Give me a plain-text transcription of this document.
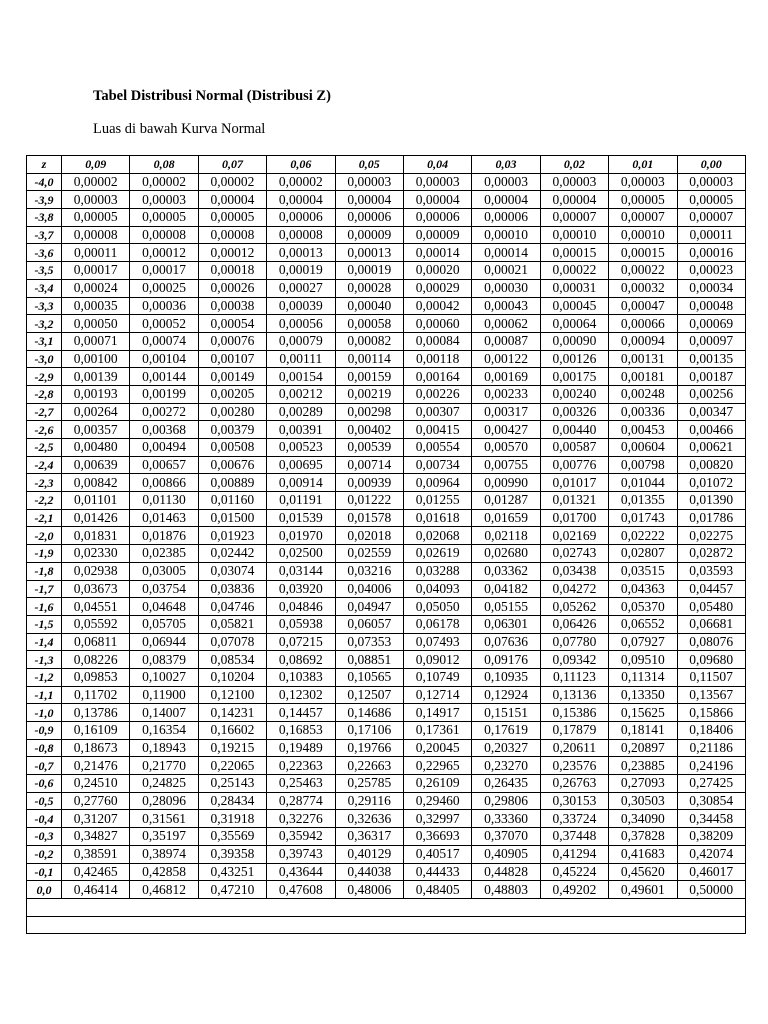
Tabel Distribusi Normal (Distribusi Z)
Luas di bawah Kurva Normal
z	0,09	0,08	0,07	0,06	0,05	0,04	0,03	0,02	0,01	0,00
-4,0	0,00002	0,00002	0,00002	0,00002	0,00003	0,00003	0,00003	0,00003	0,00003	0,00003
-3,9	0,00003	0,00003	0,00004	0,00004	0,00004	0,00004	0,00004	0,00004	0,00005	0,00005
-3,8	0,00005	0,00005	0,00005	0,00006	0,00006	0,00006	0,00006	0,00007	0,00007	0,00007
-3,7	0,00008	0,00008	0,00008	0,00008	0,00009	0,00009	0,00010	0,00010	0,00010	0,00011
-3,6	0,00011	0,00012	0,00012	0,00013	0,00013	0,00014	0,00014	0,00015	0,00015	0,00016
-3,5	0,00017	0,00017	0,00018	0,00019	0,00019	0,00020	0,00021	0,00022	0,00022	0,00023
-3,4	0,00024	0,00025	0,00026	0,00027	0,00028	0,00029	0,00030	0,00031	0,00032	0,00034
-3,3	0,00035	0,00036	0,00038	0,00039	0,00040	0,00042	0,00043	0,00045	0,00047	0,00048
-3,2	0,00050	0,00052	0,00054	0,00056	0,00058	0,00060	0,00062	0,00064	0,00066	0,00069
-3,1	0,00071	0,00074	0,00076	0,00079	0,00082	0,00084	0,00087	0,00090	0,00094	0,00097
-3,0	0,00100	0,00104	0,00107	0,00111	0,00114	0,00118	0,00122	0,00126	0,00131	0,00135
-2,9	0,00139	0,00144	0,00149	0,00154	0,00159	0,00164	0,00169	0,00175	0,00181	0,00187
-2,8	0,00193	0,00199	0,00205	0,00212	0,00219	0,00226	0,00233	0,00240	0,00248	0,00256
-2,7	0,00264	0,00272	0,00280	0,00289	0,00298	0,00307	0,00317	0,00326	0,00336	0,00347
-2,6	0,00357	0,00368	0,00379	0,00391	0,00402	0,00415	0,00427	0,00440	0,00453	0,00466
-2,5	0,00480	0,00494	0,00508	0,00523	0,00539	0,00554	0,00570	0,00587	0,00604	0,00621
-2,4	0,00639	0,00657	0,00676	0,00695	0,00714	0,00734	0,00755	0,00776	0,00798	0,00820
-2,3	0,00842	0,00866	0,00889	0,00914	0,00939	0,00964	0,00990	0,01017	0,01044	0,01072
-2,2	0,01101	0,01130	0,01160	0,01191	0,01222	0,01255	0,01287	0,01321	0,01355	0,01390
-2,1	0,01426	0,01463	0,01500	0,01539	0,01578	0,01618	0,01659	0,01700	0,01743	0,01786
-2,0	0,01831	0,01876	0,01923	0,01970	0,02018	0,02068	0,02118	0,02169	0,02222	0,02275
-1,9	0,02330	0,02385	0,02442	0,02500	0,02559	0,02619	0,02680	0,02743	0,02807	0,02872
-1,8	0,02938	0,03005	0,03074	0,03144	0,03216	0,03288	0,03362	0,03438	0,03515	0,03593
-1,7	0,03673	0,03754	0,03836	0,03920	0,04006	0,04093	0,04182	0,04272	0,04363	0,04457
-1,6	0,04551	0,04648	0,04746	0,04846	0,04947	0,05050	0,05155	0,05262	0,05370	0,05480
-1,5	0,05592	0,05705	0,05821	0,05938	0,06057	0,06178	0,06301	0,06426	0,06552	0,06681
-1,4	0,06811	0,06944	0,07078	0,07215	0,07353	0,07493	0,07636	0,07780	0,07927	0,08076
-1,3	0,08226	0,08379	0,08534	0,08692	0,08851	0,09012	0,09176	0,09342	0,09510	0,09680
-1,2	0,09853	0,10027	0,10204	0,10383	0,10565	0,10749	0,10935	0,11123	0,11314	0,11507
-1,1	0,11702	0,11900	0,12100	0,12302	0,12507	0,12714	0,12924	0,13136	0,13350	0,13567
-1,0	0,13786	0,14007	0,14231	0,14457	0,14686	0,14917	0,15151	0,15386	0,15625	0,15866
-0,9	0,16109	0,16354	0,16602	0,16853	0,17106	0,17361	0,17619	0,17879	0,18141	0,18406
-0,8	0,18673	0,18943	0,19215	0,19489	0,19766	0,20045	0,20327	0,20611	0,20897	0,21186
-0,7	0,21476	0,21770	0,22065	0,22363	0,22663	0,22965	0,23270	0,23576	0,23885	0,24196
-0,6	0,24510	0,24825	0,25143	0,25463	0,25785	0,26109	0,26435	0,26763	0,27093	0,27425
-0,5	0,27760	0,28096	0,28434	0,28774	0,29116	0,29460	0,29806	0,30153	0,30503	0,30854
-0,4	0,31207	0,31561	0,31918	0,32276	0,32636	0,32997	0,33360	0,33724	0,34090	0,34458
-0,3	0,34827	0,35197	0,35569	0,35942	0,36317	0,36693	0,37070	0,37448	0,37828	0,38209
-0,2	0,38591	0,38974	0,39358	0,39743	0,40129	0,40517	0,40905	0,41294	0,41683	0,42074
-0,1	0,42465	0,42858	0,43251	0,43644	0,44038	0,44433	0,44828	0,45224	0,45620	0,46017
0,0	0,46414	0,46812	0,47210	0,47608	0,48006	0,48405	0,48803	0,49202	0,49601	0,50000
